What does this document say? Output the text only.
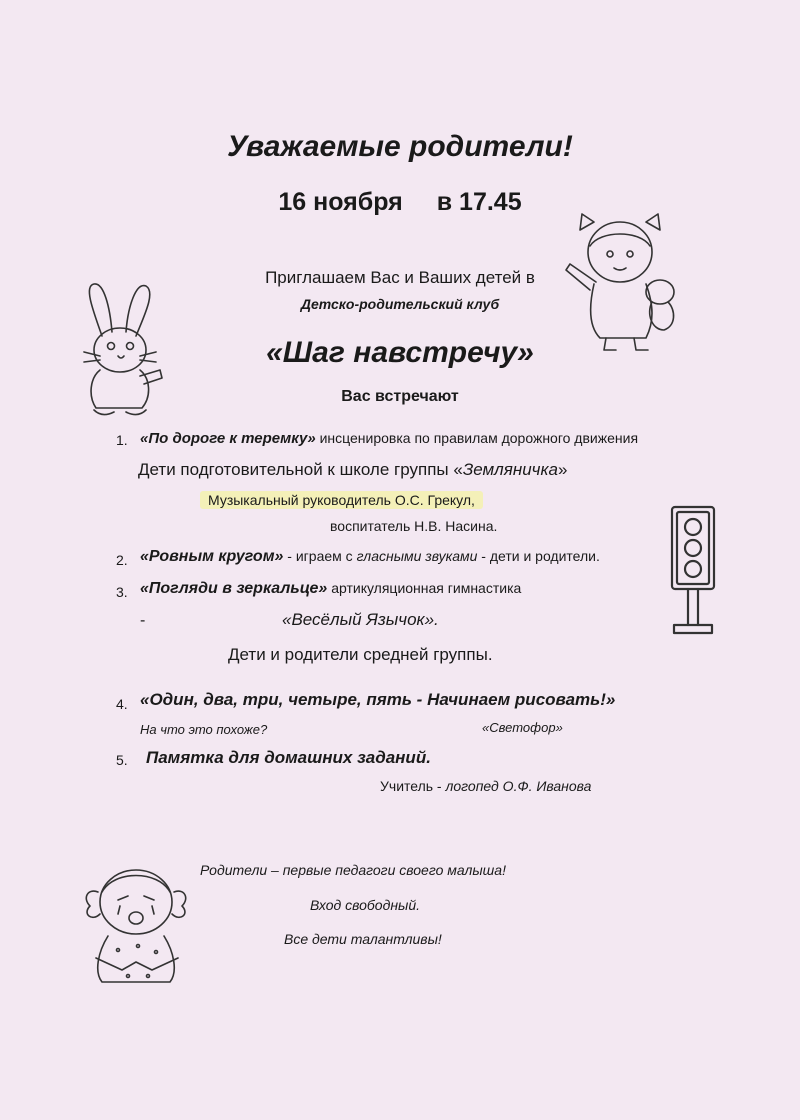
Уважаемые родители!
16 ноября в 17.45
Приглашаем Вас и Ваших детей в
Детско-родительский клуб
«Шаг навстречу»
Вас встречают
1. «По дороге к теремку» инсценировка по правилам дорожного движения
Дети подготовительной к школе группы «Земляничка»
Музыкальный руководитель О.С. Грекул,
воспитатель Н.В. Насина.
2. «Ровным кругом» - играем с гласными звуками - дети и родители.
3. «Погляди в зеркальце» артикуляционная гимнастика
-	«Весёлый Язычок».
Дети и родители средней группы.
4. «Один, два, три, четыре, пять - Начинаем рисовать!»
На что это похоже?	«Светофор»
5. Памятка для домашних заданий.
Учитель - логопед О.Ф. Иванова
Родители – первые педагоги своего малыша!
Вход свободный.
Все дети талантливы!
